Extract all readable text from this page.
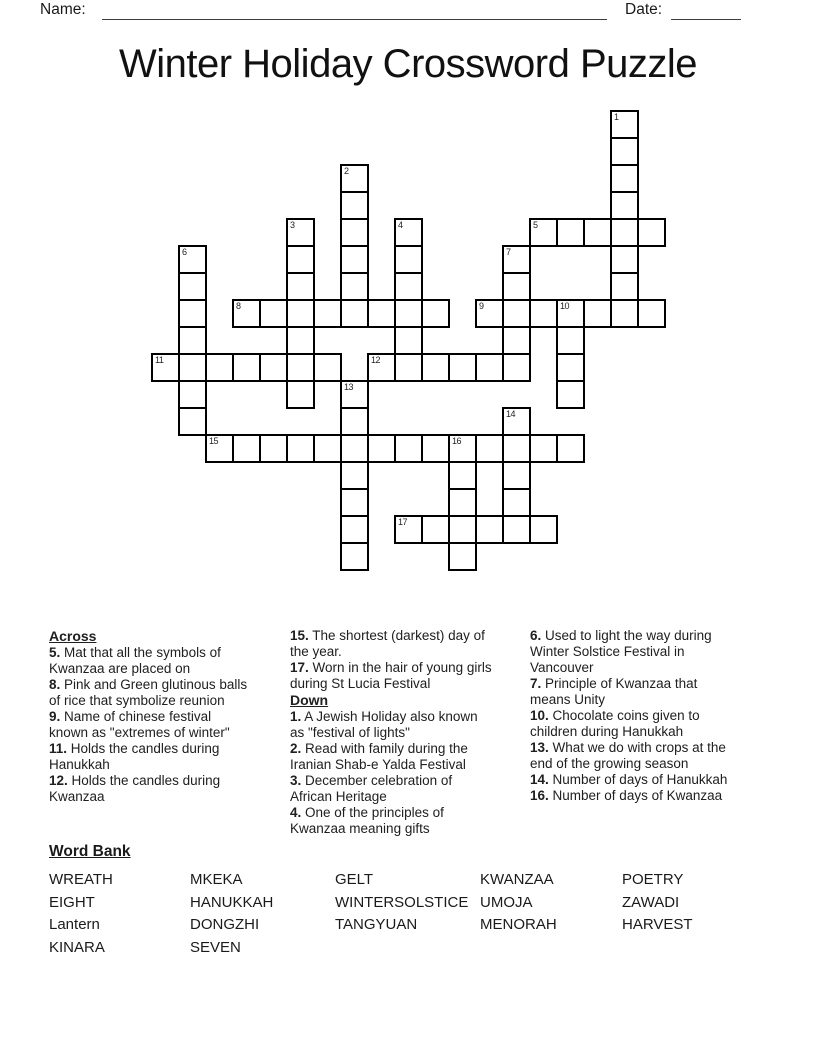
Name:	Date:
Winter Holiday Crossword Puzzle
1
2
3	4	5
6	7
8	9	10
11	12
13
14
15	16
17
Across
5. Mat that all the symbols of Kwanzaa are placed on
8. Pink and Green glutinous balls of rice that symbolize reunion
9. Name of chinese festival known as "extremes of winter"
11. Holds the candles during Hanukkah
12. Holds the candles during Kwanzaa
15. The shortest (darkest) day of the year.
17. Worn in the hair of young girls during St Lucia Festival
Down
1. A Jewish Holiday also known as "festival of lights"
2. Read with family during the Iranian Shab-e Yalda Festival
3. December celebration of African Heritage
4. One of the principles of Kwanzaa meaning gifts
6. Used to light the way during Winter Solstice Festival in Vancouver
7. Principle of Kwanzaa that means Unity
10. Chocolate coins given to children during Hanukkah
13. What we do with crops at the end of the growing season
14. Number of days of Hanukkah
16. Number of days of Kwanzaa
Word Bank
WREATH	MKEKA	GELT	KWANZAA	POETRY
EIGHT	HANUKKAH	WINTERSOLSTICE UMOJA	ZAWADI
Lantern	DONGZHI	TANGYUAN	MENORAH	HARVEST
KINARA	SEVEN
